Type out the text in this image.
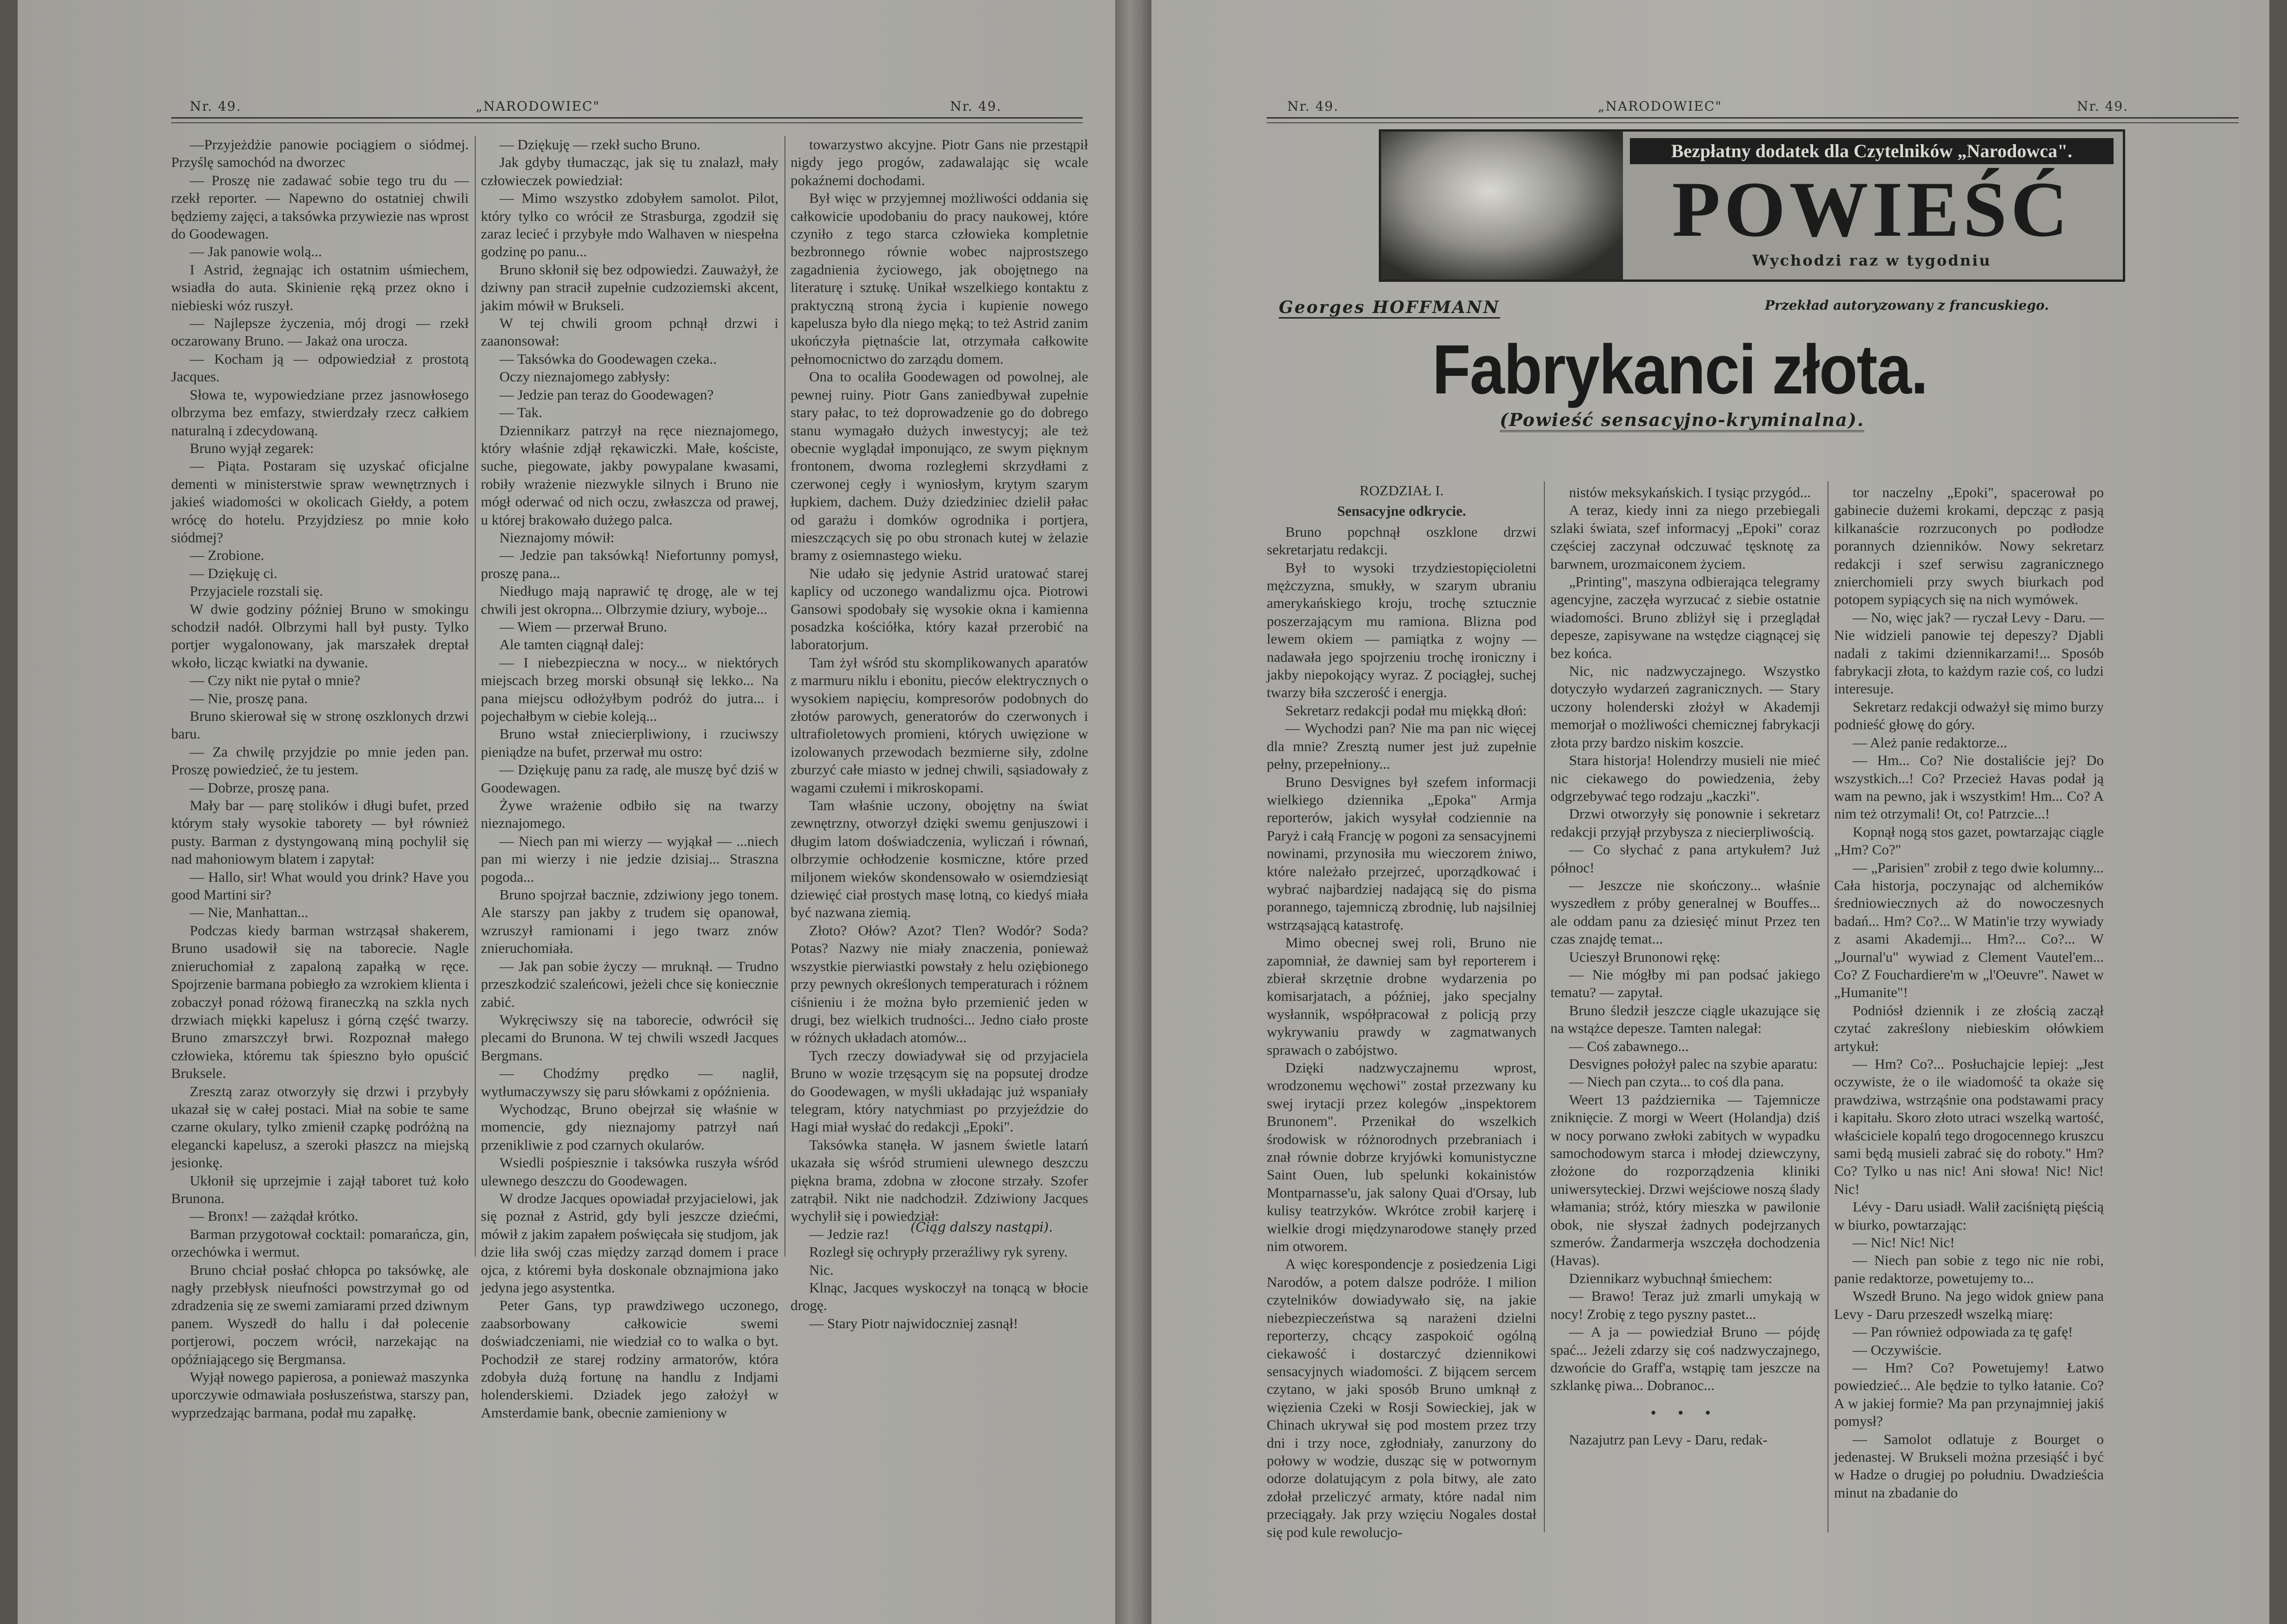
Nr. 49.	„NARODOWIEC"	Nr. 49.

—Przyjeżdżie panowie pociągiem o siódmej. Przyślę samochód na dworzec

— Proszę nie zadawać sobie tego tru du — rzekł reporter. — Napewno do ostatniej chwili będziemy zajęci, a taksówka przywiezie nas wprost do Goodewagen.

— Jak panowie wolą...

I Astrid, żegnając ich ostatnim uśmiechem, wsiadła do auta. Skinienie ręką przez okno i niebieski wóz ruszył.

— Najlepsze życzenia, mój drogi — rzekł oczarowany Bruno. — Jakaż ona urocza.

— Kocham ją — odpowiedział z prostotą Jacques.

Słowa te, wypowiedziane przez jasnowłosego olbrzyma bez emfazy, stwierdzały rzecz całkiem naturalną i zdecydowaną.

Bruno wyjął zegarek:

— Piąta. Postaram się uzyskać oficjalne dementi w ministerstwie spraw wewnętrznych i jakieś wiadomości w okolicach Giełdy, a potem wrócę do hotelu. Przyjdziesz po mnie koło siódmej?

— Zrobione.

— Dziękuję ci.

Przyjaciele rozstali się.

W dwie godziny później Bruno w smokingu schodził nadół. Olbrzymi hall był pusty. Tylko portjer wygalonowany, jak marszałek dreptał wkoło, licząc kwiatki na dywanie.

— Czy nikt nie pytał o mnie?

— Nie, proszę pana.

Bruno skierował się w stronę oszklonych drzwi baru.

— Za chwilę przyjdzie po mnie jeden pan. Proszę powiedzieć, że tu jestem.

— Dobrze, proszę pana.

Mały bar — parę stolików i długi bufet, przed którym stały wysokie taborety — był również pusty. Barman z dystyngowaną miną pochylił się nad mahoniowym blatem i zapytał:

— Hallo, sir! What would you drink? Have you good Martini sir?

— Nie, Manhattan...

Podczas kiedy barman wstrząsał shakerem, Bruno usadowił się na taborecie. Nagle znieruchomiał z zapaloną zapałką w ręce. Spojrzenie barmana pobiegło za wzrokiem klienta i zobaczył ponad różową firaneczką na szkla nych drzwiach miękki kapelusz i górną część twarzy. Bruno zmarszczył brwi. Rozpoznał małego człowieka, któremu tak śpieszno było opuścić Bruksele.

Zresztą zaraz otworzyły się drzwi i przybyły ukazał się w całej postaci. Miał na sobie te same czarne okulary, tylko zmienił czapkę podróżną na elegancki kapelusz, a szeroki płaszcz na miejską jesionkę.

Ukłonił się uprzejmie i zajął taboret tuż koło Brunona.

— Bronx! — zażądał krótko.

Barman przygotował cocktail: pomarańcza, gin, orzechówka i wermut.

Bruno chciał posłać chłopca po taksówkę, ale nagły przebłysk nieufności powstrzymał go od zdradzenia się ze swemi zamiarami przed dziwnym panem. Wyszedł do hallu i dał polecenie portjerowi, poczem wrócił, narzekając na opóźniającego się Bergmansa.

Wyjął nowego papierosa, a ponieważ maszynka uporczywie odmawiała posłuszeństwa, starszy pan, wyprzedzając barmana, podał mu zapałkę.

— Dziękuję — rzekł sucho Bruno.

Jak gdyby tłumacząc, jak się tu znalazł, mały człowieczek powiedział:

— Mimo wszystko zdobyłem samolot. Pilot, który tylko co wrócił ze Strasburga, zgodził się zaraz lecieć i przybyłe mdo Walhaven w niespełna godzinę po panu...

Bruno skłonił się bez odpowiedzi. Zauważył, że dziwny pan stracił zupełnie cudzoziemski akcent, jakim mówił w Brukseli.

W tej chwili groom pchnął drzwi i zaanonsował:

— Taksówka do Goodewagen czeka..

Oczy nieznajomego zabłysły:

— Jedzie pan teraz do Goodewagen?

— Tak.

Dziennikarz patrzył na ręce nieznajomego, który właśnie zdjął rękawiczki. Małe, kościste, suche, piegowate, jakby powypalane kwasami, robiły wrażenie niezwykle silnych i Bruno nie mógł oderwać od nich oczu, zwłaszcza od prawej, u której brakowało dużego palca.

Nieznajomy mówił:

— Jedzie pan taksówką! Niefortunny pomysł, proszę pana...

Niedługo mają naprawić tę drogę, ale w tej chwili jest okropna... Olbrzymie dziury, wyboje...

— Wiem — przerwał Bruno.

Ale tamten ciągnął dalej:

— I niebezpieczna w nocy... w niektórych miejscach brzeg morski obsunął się lekko... Na pana miejscu odłożyłbym podróż do jutra... i pojechałbym w ciebie koleją...

Bruno wstał zniecierpliwiony, i rzuciwszy pieniądze na bufet, przerwał mu ostro:

— Dziękuję panu za radę, ale muszę być dziś w Goodewagen.

Żywe wrażenie odbiło się na twarzy nieznajomego.

— Niech pan mi wierzy — wyjąkał — ...niech pan mi wierzy i nie jedzie dzisiaj... Straszna pogoda...

Bruno spojrzał bacznie, zdziwiony jego tonem. Ale starszy pan jakby z trudem się opanował, wzruszył ramionami i jego twarz znów znieruchomiała.

— Jak pan sobie życzy — mruknął. — Trudno przeszkodzić szaleńcowi, jeżeli chce się koniecznie zabić.

Wykręciwszy się na taborecie, odwrócił się plecami do Brunona. W tej chwili wszedł Jacques Bergmans.

— Chodźmy prędko — naglił, wytłumaczywszy się paru słówkami z opóźnienia.

Wychodząc, Bruno obejrzał się właśnie w momencie, gdy nieznajomy patrzył nań przenikliwie z pod czarnych okularów.

Wsiedli pośpiesznie i taksówka ruszyła wśród ulewnego deszczu do Goodewagen.

W drodze Jacques opowiadał przyjacielowi, jak się poznał z Astrid, gdy byli jeszcze dziećmi, mówił z jakim zapałem poświęcała się studjom, jak dzie liła swój czas między zarząd domem i prace ojca, z któremi była doskonale obznajmiona jako jedyna jego asystentka.

Peter Gans, typ prawdziwego uczonego, zaabsorbowany całkowicie swemi doświadczeniami, nie wiedział co to walka o byt. Pochodził ze starej rodziny armatorów, która zdobyła dużą fortunę na handlu z Indjami holenderskiemi. Dziadek jego założył w Amsterdamie bank, obecnie zamieniony w

towarzystwo akcyjne. Piotr Gans nie przestąpił nigdy jego progów, zadawalając się wcale pokaźnemi dochodami.

Był więc w przyjemnej możliwości oddania się całkowicie upodobaniu do pracy naukowej, które czyniło z tego starca człowieka kompletnie bezbronnego równie wobec najprostszego zagadnienia życiowego, jak obojętnego na literaturę i sztukę. Unikał wszelkiego kontaktu z praktyczną stroną życia i kupienie nowego kapelusza było dla niego męką; to też Astrid zanim ukończyła piętnaście lat, otrzymała całkowite pełnomocnictwo do zarządu domem.

Ona to ocaliła Goodewagen od powolnej, ale pewnej ruiny. Piotr Gans zaniedbywał zupełnie stary pałac, to też doprowadzenie go do dobrego stanu wymagało dużych inwestycyj; ale też obecnie wyglądał imponująco, ze swym pięknym frontonem, dwoma rozległemi skrzydłami z czerwonej cegły i wyniosłym, krytym szarym łupkiem, dachem. Duży dziedziniec dzielił pałac od garażu i domków ogrodnika i portjera, mieszczących się po obu stronach kutej w żelazie bramy z osiemnastego wieku.

Nie udało się jedynie Astrid uratować starej kaplicy od uczonego wandalizmu ojca. Piotrowi Gansowi spodobały się wysokie okna i kamienna posadzka kościółka, który kazał przerobić na laboratorjum.

Tam żył wśród stu skomplikowanych aparatów z marmuru niklu i ebonitu, pieców elektrycznych o wysokiem napięciu, kompresorów podobnych do złotów parowych, generatorów do czerwonych i ultrafioletowych promieni, których uwięzione w izolowanych przewodach bezmierne siły, zdolne zburzyć całe miasto w jednej chwili, sąsiadowały z wagami czułemi i mikroskopami.

Tam właśnie uczony, obojętny na świat zewnętrzny, otworzył dzięki swemu genjuszowi i długim latom doświadczenia, wyliczań i równań, olbrzymie ochłodzenie kosmiczne, które przed miljonem wieków skondensowało w osiemdziesiąt dziewięć ciał prostych masę lotną, co kiedyś miała być nazwana ziemią.

Złoto? Ołów? Azot? Tlen? Wodór? Soda? Potas? Nazwy nie miały znaczenia, ponieważ wszystkie pierwiastki powstały z helu oziębionego przy pewnych określonych temperaturach i różnem ciśnieniu i że można było przemienić jeden w drugi, bez wielkich trudności... Jedno ciało proste w różnych układach atomów...

Tych rzeczy dowiadywał się od przyjaciela Bruno w wozie trzęsącym się na popsutej drodze do Goodewagen, w myśli układając już wspaniały telegram, który natychmiast po przyjeździe do Hagi miał wysłać do redakcji „Epoki".

Taksówka stanęła. W jasnem świetle latarń ukazała się wśród strumieni ulewnego deszczu piękna brama, zdobna w złocone strzały. Szofer zatrąbił. Nikt nie nadchodził. Zdziwiony Jacques wychylił się i powiedział:

— Jedzie raz!

Rozległ się ochrypły przeraźliwy ryk syreny.

Nic.

Klnąc, Jacques wyskoczył na tonącą w błocie drogę.

— Stary Piotr najwidoczniej zasnął!

(Ciąg dalszy nastąpi).
Nr. 49.	„NARODOWIEC"	Nr. 49.
Bezpłatny dodatek dla Czytelników „Narodowca".
POWIEŚĆ
Wychodzi raz w tygodniu
Georges HOFFMANN	Przekład autoryzowany z francuskiego.
Fabrykanci złota.
(Powieść sensacyjno-kryminalna).

ROZDZIAŁ I.

Sensacyjne odkrycie.

Bruno popchnął oszklone drzwi sekretarjatu redakcji.

Był to wysoki trzydziestopięcioletni mężczyzna, smukły, w szarym ubraniu amerykańskiego kroju, trochę sztucznie poszerzającym mu ramiona. Blizna pod lewem okiem — pamiątka z wojny — nadawała jego spojrzeniu trochę ironiczny i jakby niepokojący wyraz. Z pociągłej, suchej twarzy biła szczerość i energja.

Sekretarz redakcji podał mu miękką dłoń:

— Wychodzi pan? Nie ma pan nic więcej dla mnie? Zresztą numer jest już zupełnie pełny, przepełniony...

Bruno Desvignes był szefem informacji wielkiego dziennika „Epoka" Armja reporterów, jakich wysyłał codziennie na Paryż i całą Francję w pogoni za sensacyjnemi nowinami, przynosiła mu wieczorem żniwo, które należało przejrzeć, uporządkować i wybrać najbardziej nadającą się do pisma porannego, tajemniczą zbrodnię, lub najsilniej wstrząsającą katastrofę.

Mimo obecnej swej roli, Bruno nie zapomniał, że dawniej sam był reporterem i zbierał skrzętnie drobne wydarzenia po komisarjatach, a później, jako specjalny wysłannik, współpracował z policją przy wykrywaniu prawdy w zagmatwanych sprawach o zabójstwo.

Dzięki nadzwyczajnemu wprost, wrodzonemu węchowi" został przezwany ku swej irytacji przez kolegów „inspektorem Brunonem". Przenikał do wszelkich środowisk w różnorodnych przebraniach i znał równie dobrze kryjówki komunistyczne Saint Ouen, lub spelunki kokainistów Montparnasse'u, jak salony Quai d'Orsay, lub kulisy teatrzyków. Wkrótce zrobił karjerę i wielkie drogi międzynarodowe stanęły przed nim otworem.

A więc korespondencje z posiedzenia Ligi Narodów, a potem dalsze podróże. I milion czytelników dowiadywało się, na jakie niebezpieczeństwa są narażeni dzielni reporterzy, chcący zaspokoić ogólną ciekawość i dostarczyć dziennikowi sensacyjnych wiadomości. Z bijącem sercem czytano, w jaki sposób Bruno umknął z więzienia Czeki w Rosji Sowieckiej, jak w Chinach ukrywał się pod mostem przez trzy dni i trzy noce, zgłodniały, zanurzony do połowy w wodzie, dusząc się w potwornym odorze dolatującym z pola bitwy, ale zato zdołał przeliczyć armaty, które nadal nim przeciągały. Jak przy wzięciu Nogales dostał się pod kule rewolucjo-

nistów meksykańskich. I tysiąc przygód...

A teraz, kiedy inni za niego przebiegali szlaki świata, szef informacyj „Epoki" coraz częściej zaczynał odczuwać tęsknotę za barwnem, urozmaiconem życiem.

„Printing", maszyna odbierająca telegramy agencyjne, zaczęła wyrzucać z siebie ostatnie wiadomości. Bruno zbliżył się i przeglądał depesze, zapisywane na wstędze ciągnącej się bez końca.

Nic, nic nadzwyczajnego. Wszystko dotyczyło wydarzeń zagranicznych. — Stary uczony holenderski złożył w Akademji memorjał o możliwości chemicznej fabrykacji złota przy bardzo niskim koszcie.

Stara historja! Holendrzy musieli nie mieć nic ciekawego do powiedzenia, żeby odgrzebywać tego rodzaju „kaczki".

Drzwi otworzyły się ponownie i sekretarz redakcji przyjął przybysza z niecierpliwością.

— Co słychać z pana artykułem? Już północ!

— Jeszcze nie skończony... właśnie wyszedłem z próby generalnej w Bouffes... ale oddam panu za dziesięć minut Przez ten czas znajdę temat...

Ucieszył Brunonowi rękę:

— Nie mógłby mi pan podsać jakiego tematu? — zapytał.

Bruno śledził jeszcze ciągle ukazujące się na wstążce depesze. Tamten nalegał:

— Coś zabawnego...

Desvignes położył palec na szybie aparatu:

— Niech pan czyta... to coś dla pana.

Weert 13 października — Tajemnicze zniknięcie. Z morgi w Weert (Holandja) dziś w nocy porwano zwłoki zabitych w wypadku samochodowym starca i młodej dziewczyny, złożone do rozporządzenia kliniki uniwersyteckiej. Drzwi wejściowe noszą ślady włamania; stróż, który mieszka w pawilonie obok, nie słyszał żadnych podejrzanych szmerów. Żandarmerja wszczęła dochodzenia (Havas).

Dziennikarz wybuchnął śmiechem:

— Brawo! Teraz już zmarli umykają w nocy! Zrobię z tego pyszny pastet...

— A ja — powiedział Bruno — pójdę spać... Jeżeli zdarzy się coś nadzwyczajnego, dzwońcie do Graff'a, wstąpię tam jeszcze na szklankę piwa... Dobranoc...

• • •

Nazajutrz pan Levy - Daru, redak-

tor naczelny „Epoki", spacerował po gabinecie dużemi krokami, depcząc z pasją kilkanaście rozrzuconych po podłodze porannych dzienników. Nowy sekretarz redakcji i szef serwisu zagranicznego znierchomieli przy swych biurkach pod potopem sypiących się na nich wymówek.

— No, więc jak? — ryczał Levy - Daru. — Nie widzieli panowie tej depeszy? Djabli nadali z takimi dziennikarzami!... Sposób fabrykacji złota, to każdym razie coś, co ludzi interesuje.

Sekretarz redakcji odważył się mimo burzy podnieść głowę do góry.

— Ależ panie redaktorze...

— Hm... Co? Nie dostaliście jej? Do wszystkich...! Co? Przecież Havas podał ją wam na pewno, jak i wszystkim! Hm... Co? A nim też otrzymali! Ot, co! Patrzcie...!

Kopnął nogą stos gazet, powtarzając ciągle „Hm? Co?"

— „Parisien" zrobił z tego dwie kolumny... Cała historja, poczynając od alchemików średniowiecznych aż do nowoczesnych badań... Hm? Co?... W Matin'ie trzy wywiady z asami Akademji... Hm?... Co?... W „Journal'u" wywiad z Clement Vautel'em... Co? Z Fouchardiere'm w „l'Oeuvre". Nawet w „Humanite"!

Podniósł dziennik i ze złością zaczął czytać zakreślony niebieskim ołówkiem artykuł:

— Hm? Co?... Posłuchajcie lepiej: „Jest oczywiste, że o ile wiadomość ta okaże się prawdziwa, wstrząśnie ona podstawami pracy i kapitału. Skoro złoto utraci wszelką wartość, właściciele kopalń tego drogocennego kruszcu sami będą musieli zabrać się do roboty." Hm? Co? Tylko u nas nic! Ani słowa! Nic! Nic! Nic!

Lévy - Daru usiadł. Walił zaciśniętą pięścią w biurko, powtarzając:

— Nic! Nic! Nic!

— Niech pan sobie z tego nic nie robi, panie redaktorze, powetujemy to...

Wszedł Bruno. Na jego widok gniew pana Levy - Daru przeszedł wszelką miarę:

— Pan również odpowiada za tę gafę!

— Oczywiście.

— Hm? Co? Powetujemy! Łatwo powiedzieć... Ale będzie to tylko łatanie. Co? A w jakiej formie? Ma pan przynajmniej jakiś pomysł?

— Samolot odlatuje z Bourget o jedenastej. W Brukseli można przesiąść i być w Hadze o drugiej po południu. Dwadzieścia minut na zbadanie do
